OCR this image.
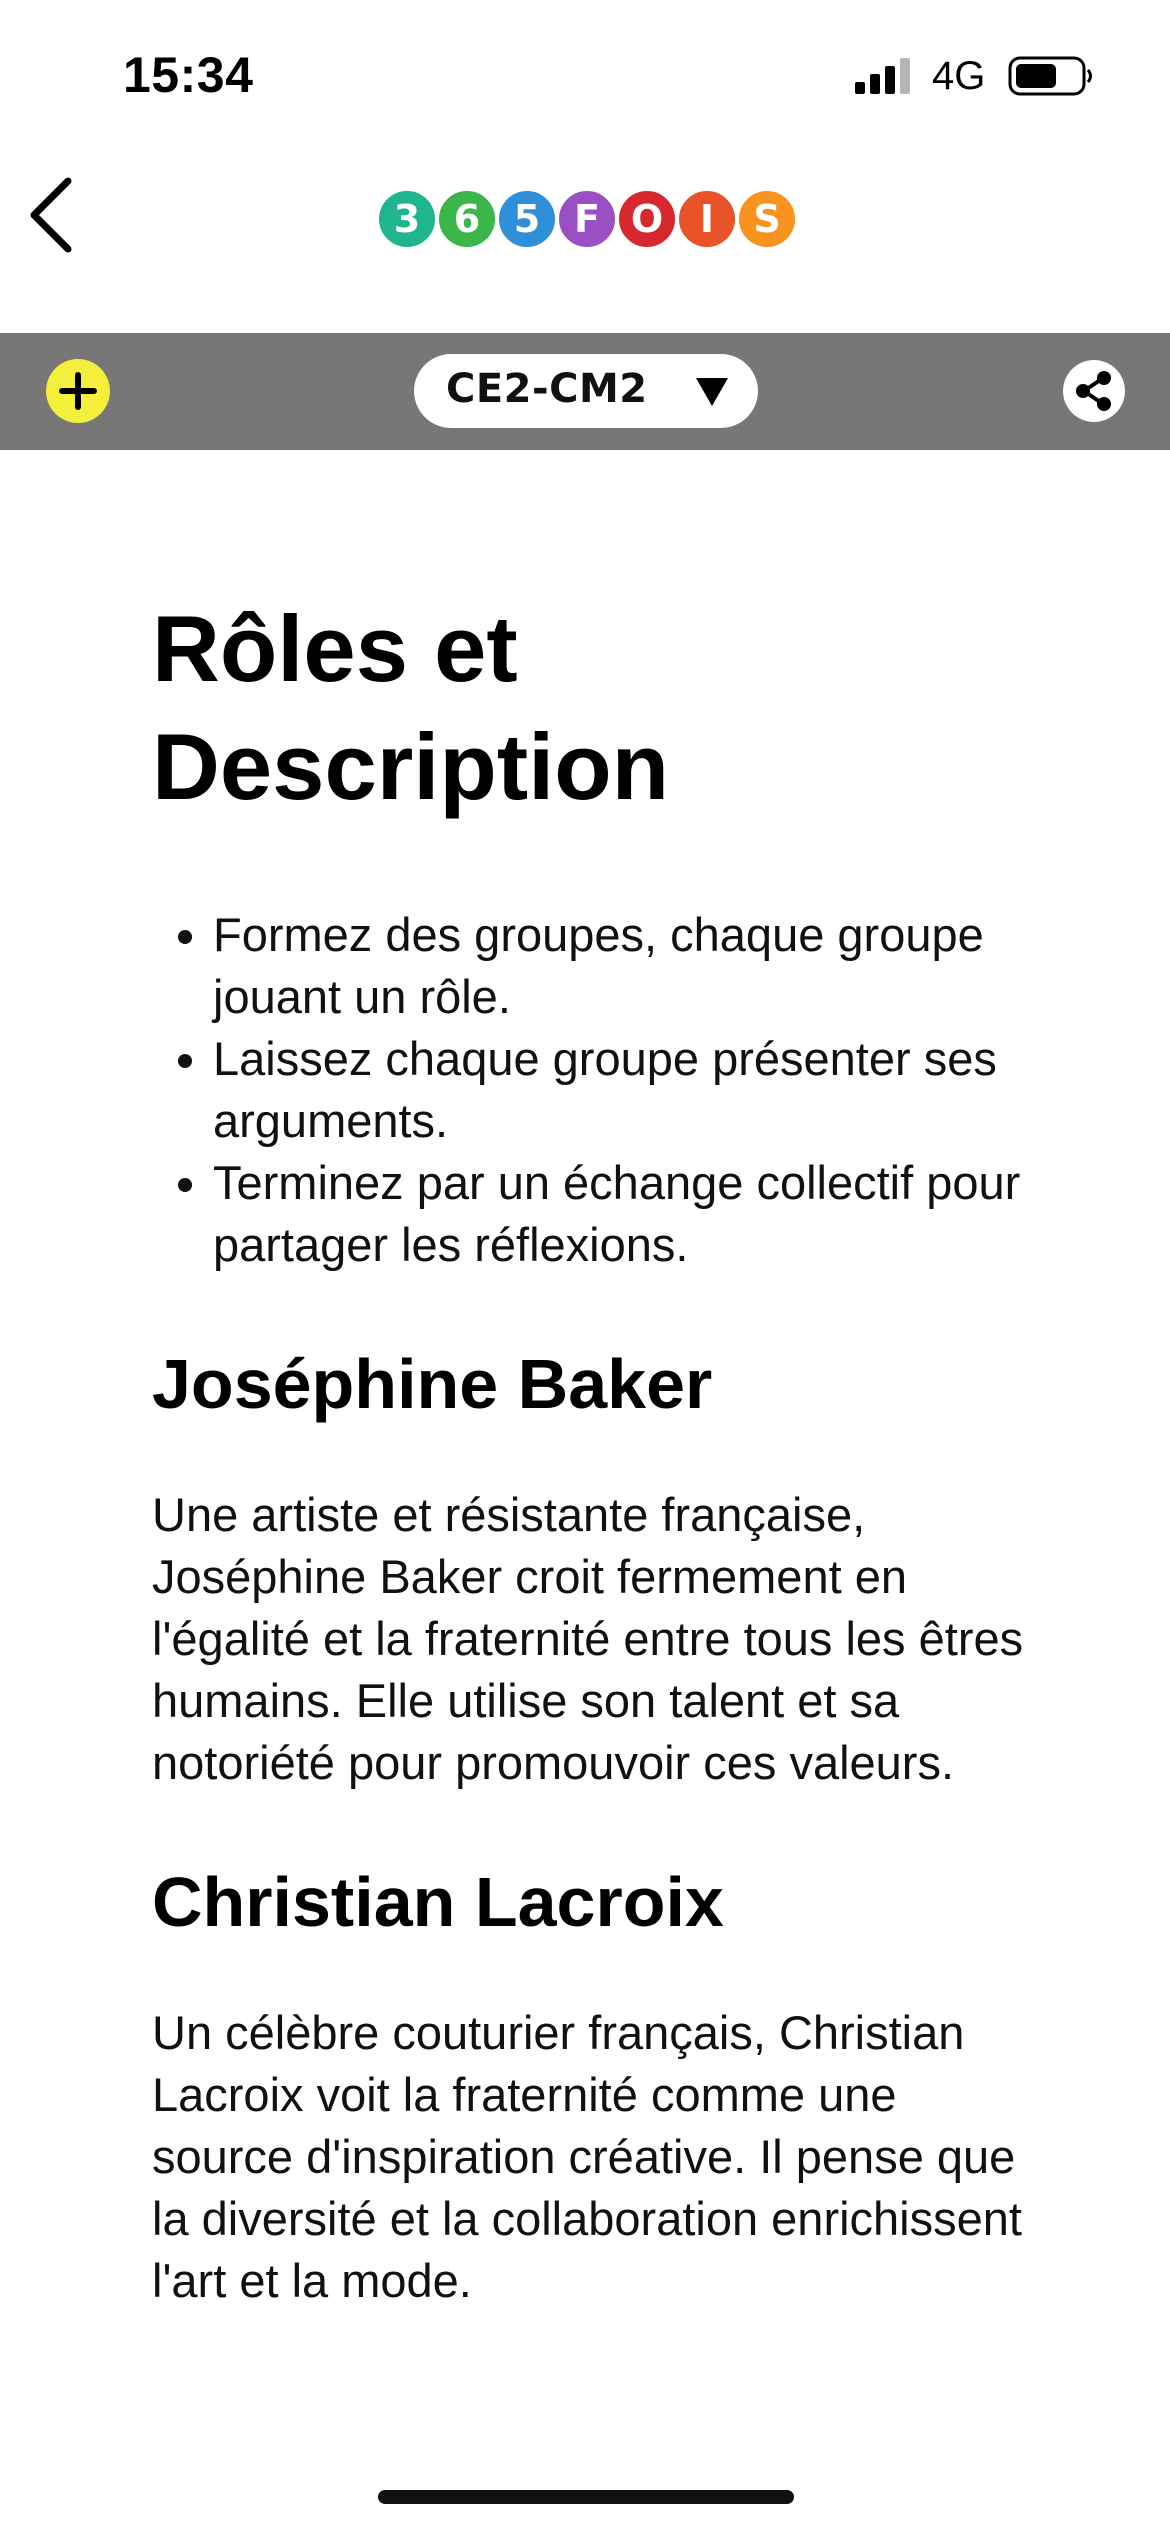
15:34	4G
3 6 5 F O I	S
CE2-CM2
Rôles et Description
• Formez des groupes, chaque groupe jouant un rôle.
• Laissez chaque groupe présenter ses arguments.
• Terminez par un échange collectif pour partager les réflexions.
Joséphine Baker

Une artiste et résistante française, Joséphine Baker croit fermement en l'égalité et la fraternité entre tous les êtres humains. Elle utilise son talent et sa notoriété pour promouvoir ces valeurs.

Christian Lacroix

Un célèbre couturier français, Christian Lacroix voit la fraternité comme une source d'inspiration créative. Il pense que la diversité et la collaboration enrichissent l'art et la mode.
